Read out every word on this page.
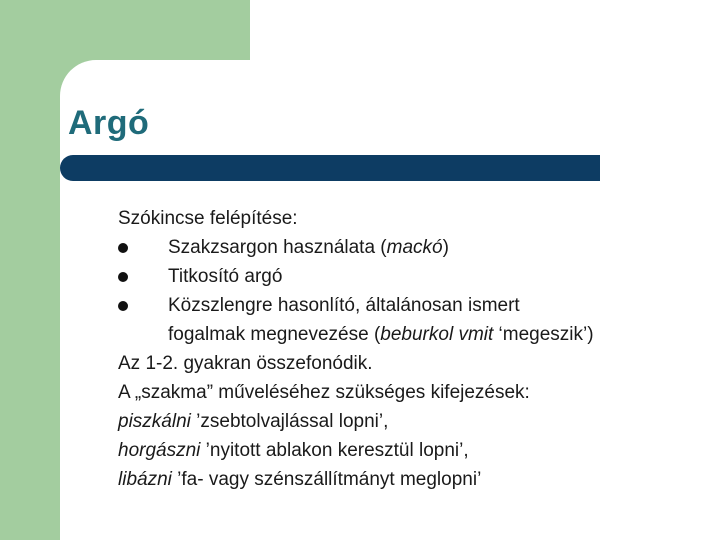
Argó
Szókincse felépítése:
Szakzsargon használata (mackó)
Titkosító argó
Közszlengre hasonlító, általánosan ismert
fogalmak megnevezése (beburkol vmit ‘megeszik’)
Az 1-2. gyakran összefonódik.
A „szakma” műveléséhez szükséges kifejezések:
piszkálni ’zsebtolvajlással lopni’,
horgászni ’nyitott ablakon keresztül lopni’,
libázni ’fa- vagy szénszállítmányt meglopni’
